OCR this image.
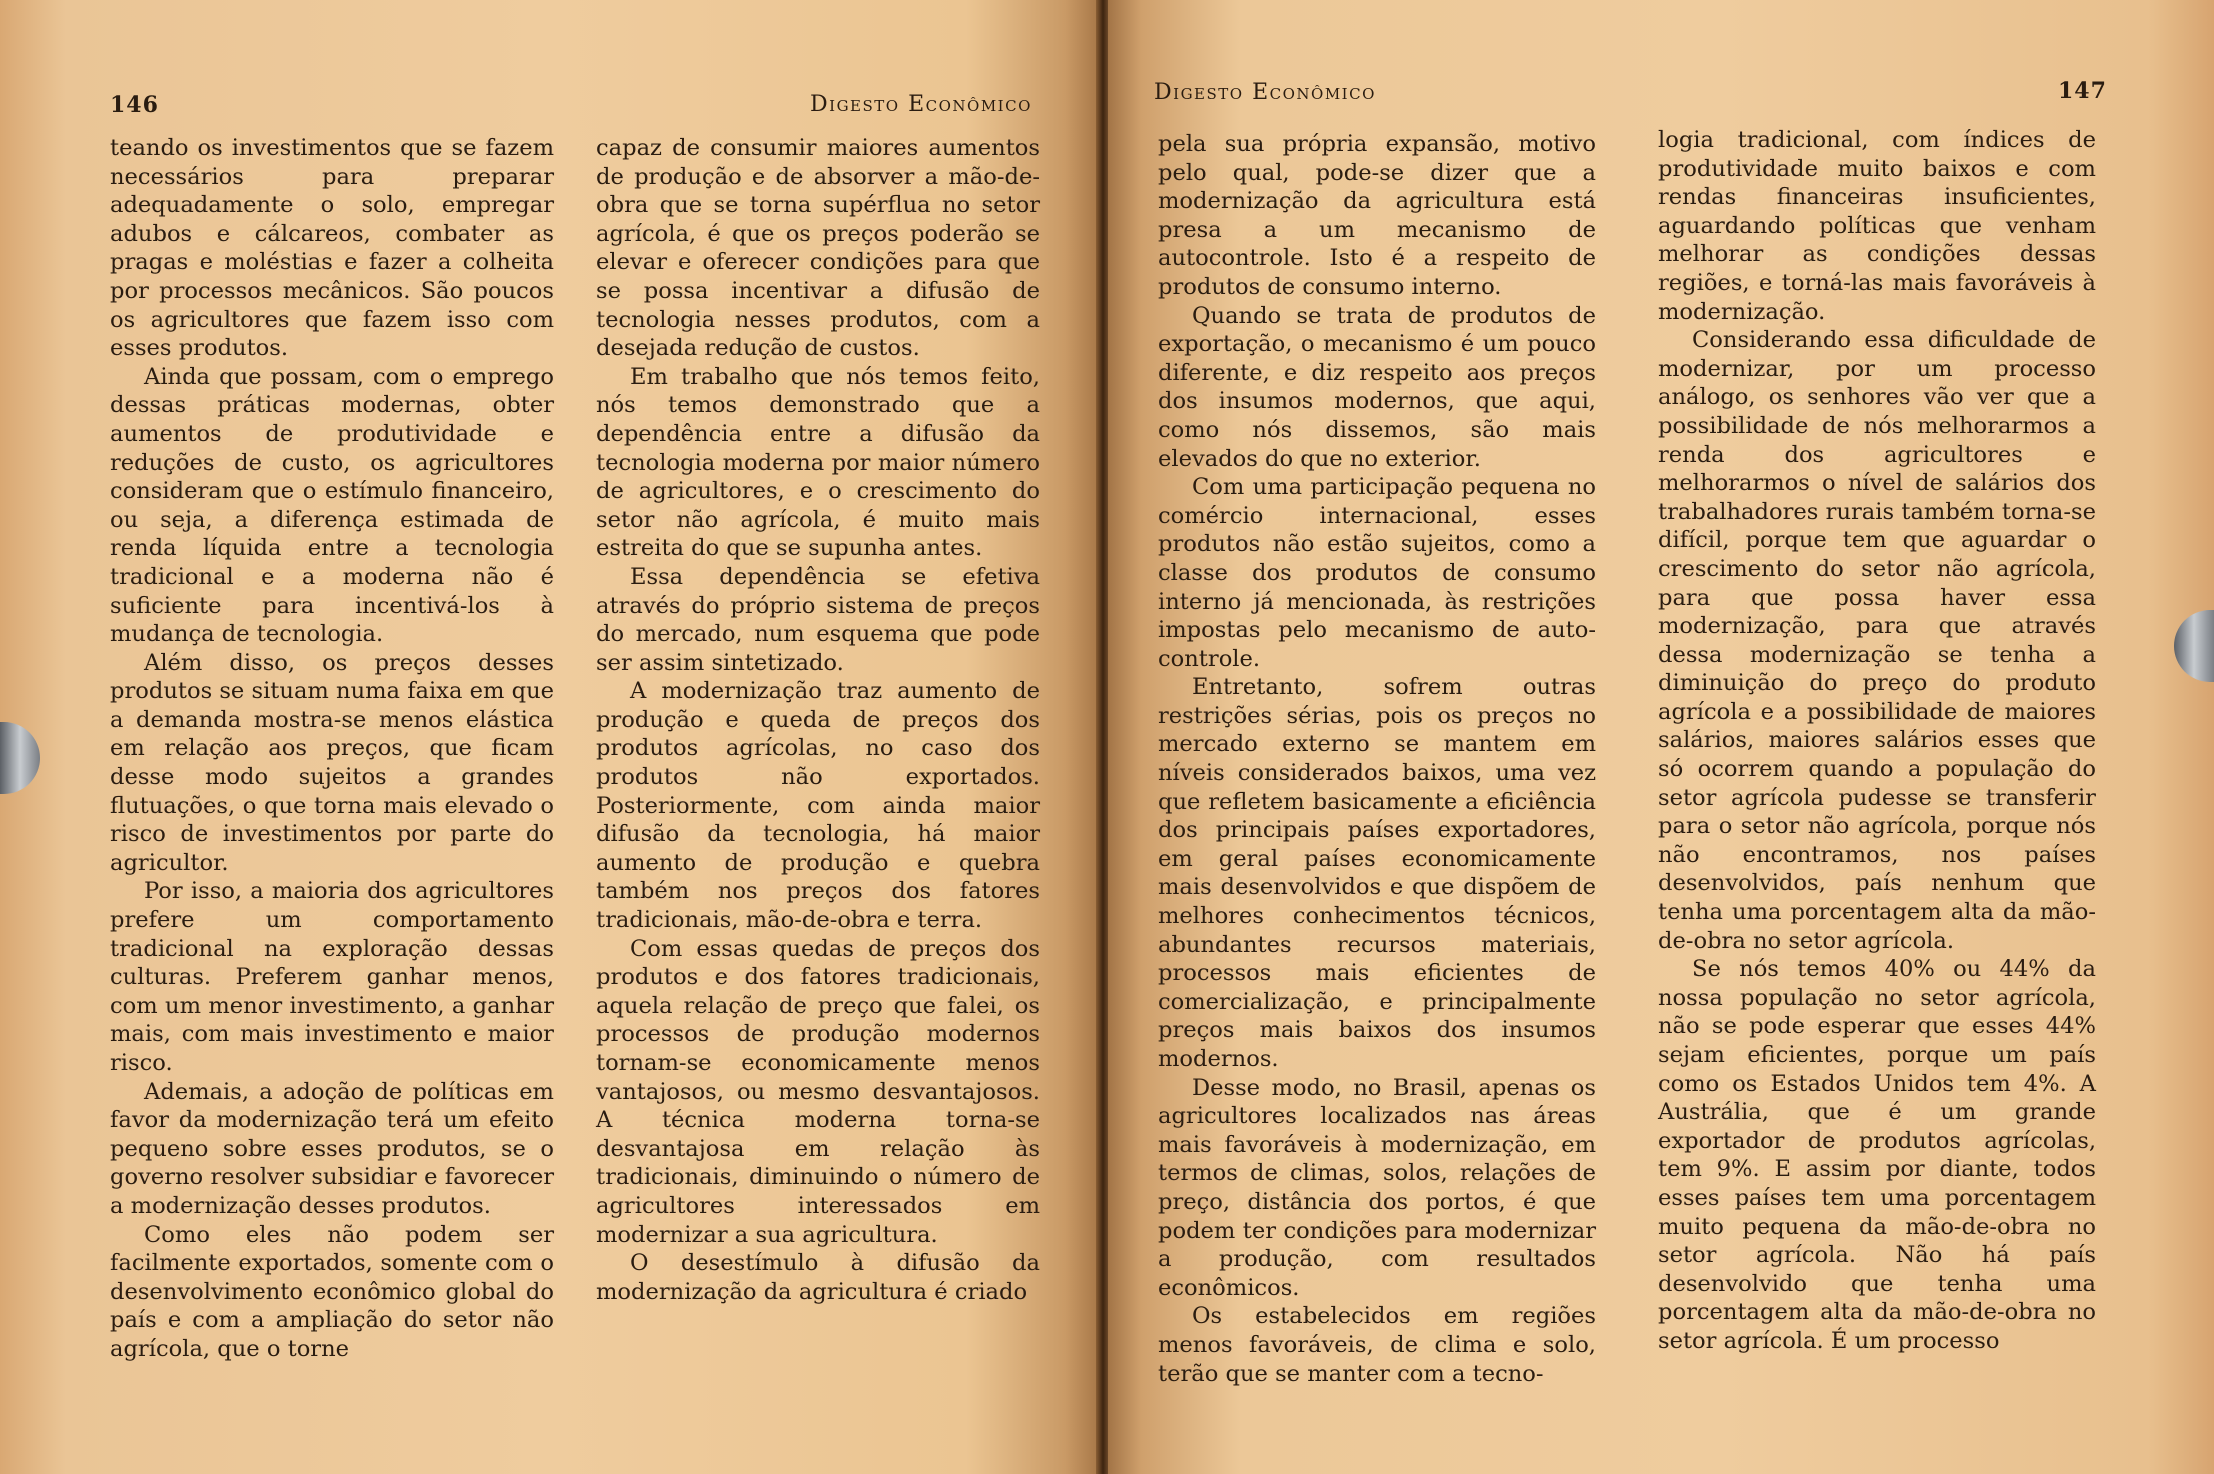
146	Digesto Econômico

teando os investimentos que se fazem necessários para preparar adequadamente o solo, empregar adubos e cálcareos, combater as pragas e moléstias e fazer a colheita por processos mecânicos. São poucos os agricultores que fazem isso com esses produtos.

Ainda que possam, com o emprego dessas práticas modernas, obter aumentos de produtividade e reduções de custo, os agricultores consideram que o estímulo financeiro, ou seja, a diferença estimada de renda líquida entre a tecnologia tradicional e a moderna não é suficiente para incentivá-los à mudança de tecnologia.

Além disso, os preços desses produtos se situam numa faixa em que a demanda mostra-se menos elástica em relação aos preços, que ficam desse modo sujeitos a grandes flutuações, o que torna mais elevado o risco de investimentos por parte do agricultor.

Por isso, a maioria dos agricultores prefere um comportamento tradicional na exploração dessas culturas. Preferem ganhar menos, com um menor investimento, a ganhar mais, com mais investimento e maior risco.

Ademais, a adoção de políticas em favor da modernização terá um efeito pequeno sobre esses produtos, se o governo resolver subsidiar e favorecer a modernização desses produtos.

Como eles não podem ser facilmente exportados, somente com o desenvolvimento econômico global do país e com a ampliação do setor não agrícola, que o torne

capaz de consumir maiores aumentos de produção e de absorver a mão-de-obra que se torna supérflua no setor agrícola, é que os preços poderão se elevar e oferecer condições para que se possa incentivar a difusão de tecnologia nesses produtos, com a desejada redução de custos.

Em trabalho que nós temos feito, nós temos demonstrado que a dependência entre a difusão da tecnologia moderna por maior número de agricultores, e o crescimento do setor não agrícola, é muito mais estreita do que se supunha antes.

Essa dependência se efetiva através do próprio sistema de preços do mercado, num esquema que pode ser assim sintetizado.

A modernização traz aumento de produção e queda de preços dos produtos agrícolas, no caso dos produtos não exportados. Posteriormente, com ainda maior difusão da tecnologia, há maior aumento de produção e quebra também nos preços dos fatores tradicionais, mão-de-obra e terra.

Com essas quedas de preços dos produtos e dos fatores tradicionais, aquela relação de preço que falei, os processos de produção modernos tornam-se economicamente menos vantajosos, ou mesmo desvantajosos. A técnica moderna torna-se desvantajosa em relação às tradicionais, diminuindo o número de agricultores interessados em modernizar a sua agricultura.

O desestímulo à difusão da modernização da agricultura é criado

Digesto Econômico	147

pela sua própria expansão, motivo pelo qual, pode-se dizer que a modernização da agricultura está presa a um mecanismo de autocontrole. Isto é a respeito de produtos de consumo interno.

Quando se trata de produtos de exportação, o mecanismo é um pouco diferente, e diz respeito aos preços dos insumos modernos, que aqui, como nós dissemos, são mais elevados do que no exterior.

Com uma participação pequena no comércio internacional, esses produtos não estão sujeitos, como a classe dos produtos de consumo interno já mencionada, às restrições impostas pelo mecanismo de auto-controle.

Entretanto, sofrem outras restrições sérias, pois os preços no mercado externo se mantem em níveis considerados baixos, uma vez que refletem basicamente a eficiência dos principais países exportadores, em geral países economicamente mais desenvolvidos e que dispõem de melhores conhecimentos técnicos, abundantes recursos materiais, processos mais eficientes de comercialização, e principalmente preços mais baixos dos insumos modernos.

Desse modo, no Brasil, apenas os agricultores localizados nas áreas mais favoráveis à modernização, em termos de climas, solos, relações de preço, distância dos portos, é que podem ter condições para modernizar a produção, com resultados econômicos.

Os estabelecidos em regiões menos favoráveis, de clima e solo, terão que se manter com a tecno-

logia tradicional, com índices de produtividade muito baixos e com rendas financeiras insuficientes, aguardando políticas que venham melhorar as condições dessas regiões, e torná-las mais favoráveis à modernização.

Considerando essa dificuldade de modernizar, por um processo análogo, os senhores vão ver que a possibilidade de nós melhorarmos a renda dos agricultores e melhorarmos o nível de salários dos trabalhadores rurais também torna-se difícil, porque tem que aguardar o crescimento do setor não agrícola, para que possa haver essa modernização, para que através dessa modernização se tenha a diminuição do preço do produto agrícola e a possibilidade de maiores salários, maiores salários esses que só ocorrem quando a população do setor agrícola pudesse se transferir para o setor não agrícola, porque nós não encontramos, nos países desenvolvidos, país nenhum que tenha uma porcentagem alta da mão-de-obra no setor agrícola.

Se nós temos 40% ou 44% da nossa população no setor agrícola, não se pode esperar que esses 44% sejam eficientes, porque um país como os Estados Unidos tem 4%. A Austrália, que é um grande exportador de produtos agrícolas, tem 9%. E assim por diante, todos esses países tem uma porcentagem muito pequena da mão-de-obra no setor agrícola. Não há país desenvolvido que tenha uma porcentagem alta da mão-de-obra no setor agrícola. É um processo
